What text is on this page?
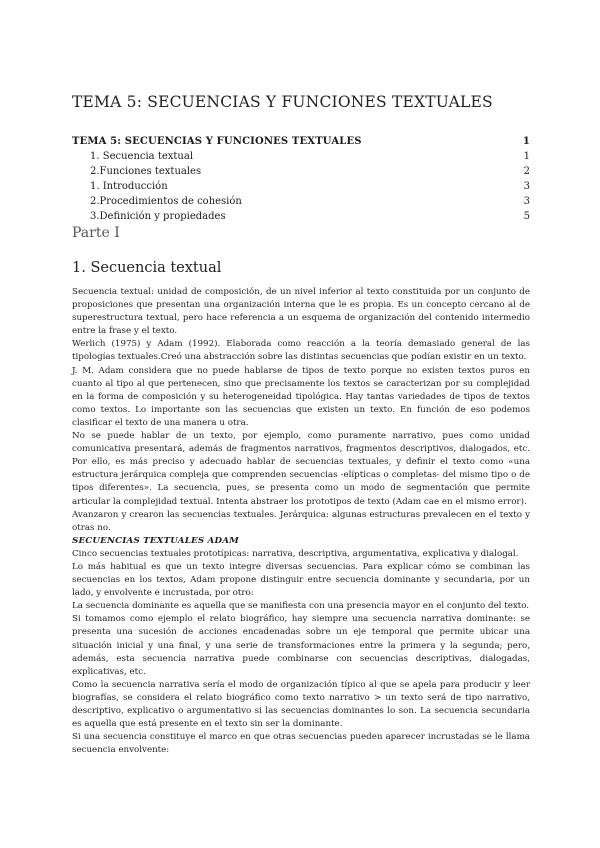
TEMA 5: SECUENCIAS Y FUNCIONES TEXTUALES
TEMA 5: SECUENCIAS Y FUNCIONES TEXTUALES	1
1. Secuencia textual	1
2.Funciones textuales	2
1. Introducción	3
2.Procedimientos de cohesión	3
3.Definición y propiedades	5
Parte I
1. Secuencia textual

Secuencia textual: unidad de composición, de un nivel inferior al texto constituida por un conjunto de proposiciones que presentan una organización interna que le es propia. Es un concepto cercano al de superestructura textual, pero hace referencia a un esquema de organización del contenido intermedio entre la frase y el texto.

Werlich (1975) y Adam (1992). Elaborada como reacción a la teoría demasiado general de las tipologías textuales.Creó una abstracción sobre las distintas secuencias que podían existir en un texto.

J. M. Adam considera que no puede hablarse de tipos de texto porque no existen textos puros en cuanto al tipo al que pertenecen, sino que precisamente los textos se caracterizan por su complejidad en la forma de composición y su heterogeneidad tipológica. Hay tantas variedades de tipos de textos como textos. Lo importante son las secuencias que existen un texto. En función de eso podemos clasificar el texto de una manera u otra.

No se puede hablar de un texto, por ejemplo, como puramente narrativo, pues como unidad comunicativa presentará, además de fragmentos narrativos, fragmentos descriptivos, dialogados, etc. Por ello, es más preciso y adecuado hablar de secuencias textuales, y definir el texto como «una estructura jerárquica compleja que comprenden secuencias -elípticas o completas- del mismo tipo o de tipos diferentes». La secuencia, pues, se presenta como un modo de segmentación que permite articular la complejidad textual. Intenta abstraer los prototipos de texto (Adam cae en el mismo error).

Avanzaron y crearon las secuencias textuales. Jerárquica: algunas estructuras prevalecen en el texto y otras no.

SECUENCIAS TEXTUALES ADAM

Cinco secuencias textuales prototípicas: narrativa, descriptiva, argumentativa, explicativa y dialogal.

Lo más habitual es que un texto integre diversas secuencias. Para explicar cómo se combinan las secuencias en los textos, Adam propone distinguir entre secuencia dominante y secundaria, por un lado, y envolvente e incrustada, por otro:

La secuencia dominante es aquella que se manifiesta con una presencia mayor en el conjunto del texto.

Si tomamos como ejemplo el relato biográfico, hay siempre una secuencia narrativa dominante: se presenta una sucesión de acciones encadenadas sobre un eje temporal que permite ubicar una situación inicial y una final, y una serie de transformaciones entre la primera y la segunda; pero, además, esta secuencia narrativa puede combinarse con secuencias descriptivas, dialogadas, explicativas, etc.

Como la secuencia narrativa sería el modo de organización típico al que se apela para producir y leer biografías, se considera el relato biográfico como texto narrativo > un texto será de tipo narrativo, descriptivo, explicativo o argumentativo si las secuencias dominantes lo son. La secuencia secundaria es aquella que está presente en el texto sin ser la dominante.

Si una secuencia constituye el marco en que otras secuencias pueden aparecer incrustadas se le llama secuencia envolvente:
